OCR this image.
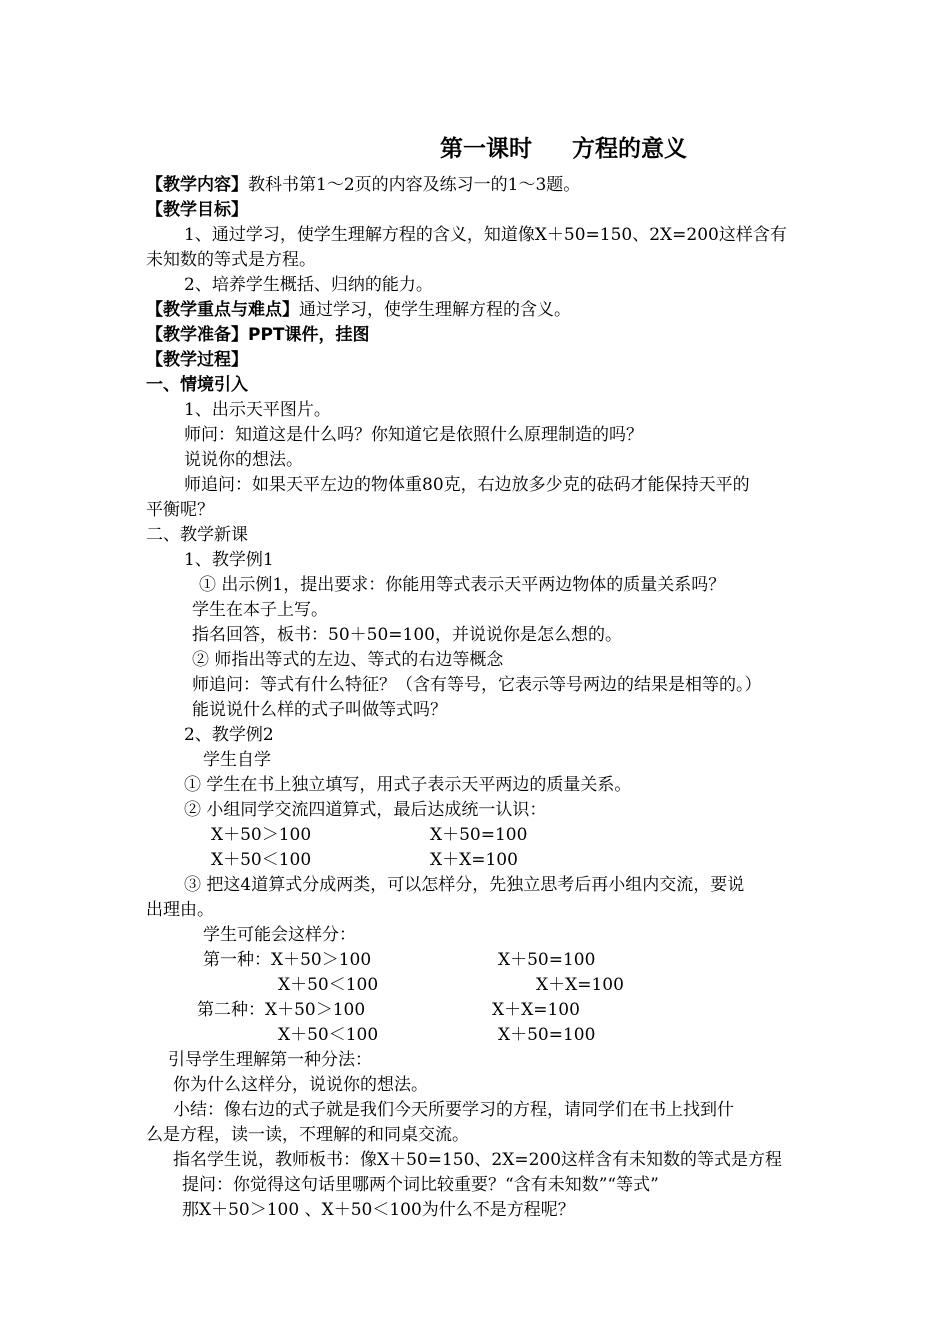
第一课时 方程的意义
【教学内容】教科书第1～2页的内容及练习一的1～3题。
【教学目标】
1、通过学习，使学生理解方程的含义，知道像X＋50=150、2X=200这样含有
未知数的等式是方程。
2、培养学生概括、归纳的能力。
【教学重点与难点】通过学习，使学生理解方程的含义。
【教学准备】PPT课件，挂图
【教学过程】
一、情境引入
1、出示天平图片。
师问：知道这是什么吗？你知道它是依照什么原理制造的吗？
说说你的想法。
师追问：如果天平左边的物体重80克，右边放多少克的砝码才能保持天平的
平衡呢？
二、教学新课
1、教学例1
① 出示例1，提出要求：你能用等式表示天平两边物体的质量关系吗？
学生在本子上写。
指名回答，板书：50＋50=100，并说说你是怎么想的。
② 师指出等式的左边、等式的右边等概念
师追问：等式有什么特征？（含有等号，它表示等号两边的结果是相等的。）
能说说什么样的式子叫做等式吗？
2、教学例2
学生自学
① 学生在书上独立填写，用式子表示天平两边的质量关系。
② 小组同学交流四道算式，最后达成统一认识：
X＋50＞100	X＋50=100
X＋50＜100	X＋X=100
③ 把这4道算式分成两类，可以怎样分，先独立思考后再小组内交流，要说
出理由。
学生可能会这样分：
第一种：X＋50＞100	X＋50=100
X＋50＜100	X＋X=100
第二种：X＋50＞100	X＋X=100
X＋50＜100	X＋50=100
引导学生理解第一种分法：
你为什么这样分，说说你的想法。
小结：像右边的式子就是我们今天所要学习的方程，请同学们在书上找到什
么是方程，读一读，不理解的和同桌交流。
指名学生说，教师板书：像X＋50=150、2X=200这样含有未知数的等式是方程
提问：你觉得这句话里哪两个词比较重要？“含有未知数”“等式”
那X＋50＞100 、X＋50＜100为什么不是方程呢？
